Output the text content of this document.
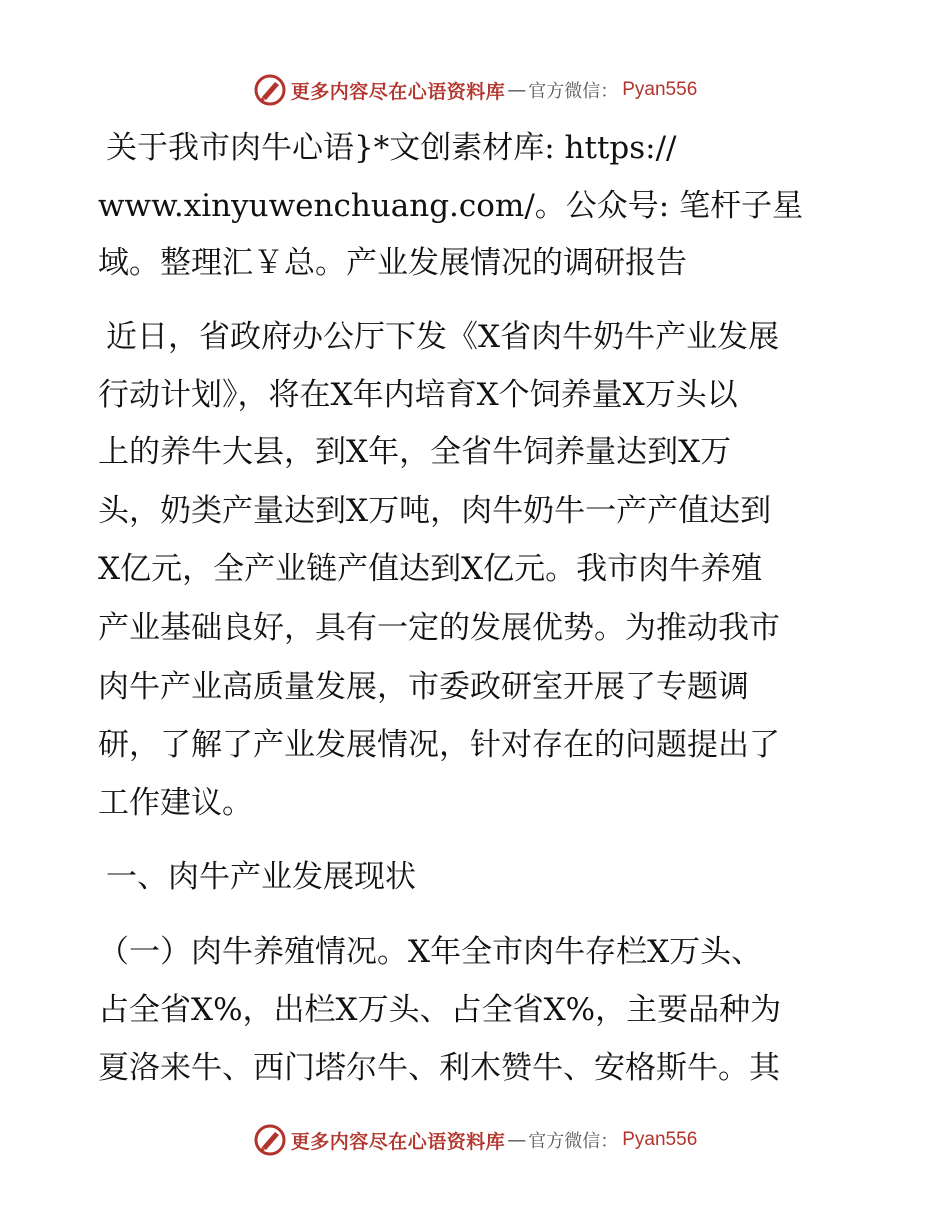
更多内容尽在心语资料库 — 官方微信： Pyan556
关于我市肉牛心语}*文创素材库: https://
www.xinyuwenchuang.com/。公众号: 笔杆子星
域。整理汇￥总。产业发展情况的调研报告
近日，省政府办公厅下发《X省肉牛奶牛产业发展
行动计划》，将在X年内培育X个饲养量X万头以
上的养牛大县，到X年，全省牛饲养量达到X万
头，奶类产量达到X万吨，肉牛奶牛一产产值达到
X亿元，全产业链产值达到X亿元。我市肉牛养殖
产业基础良好，具有一定的发展优势。为推动我市
肉牛产业高质量发展，市委政研室开展了专题调
研，了解了产业发展情况，针对存在的问题提出了
工作建议。
一、肉牛产业发展现状
（一）肉牛养殖情况。X年全市肉牛存栏X万头、
占全省X%，出栏X万头、占全省X%，主要品种为
夏洛来牛、西门塔尔牛、利木赞牛、安格斯牛。其
更多内容尽在心语资料库 — 官方微信： Pyan556
